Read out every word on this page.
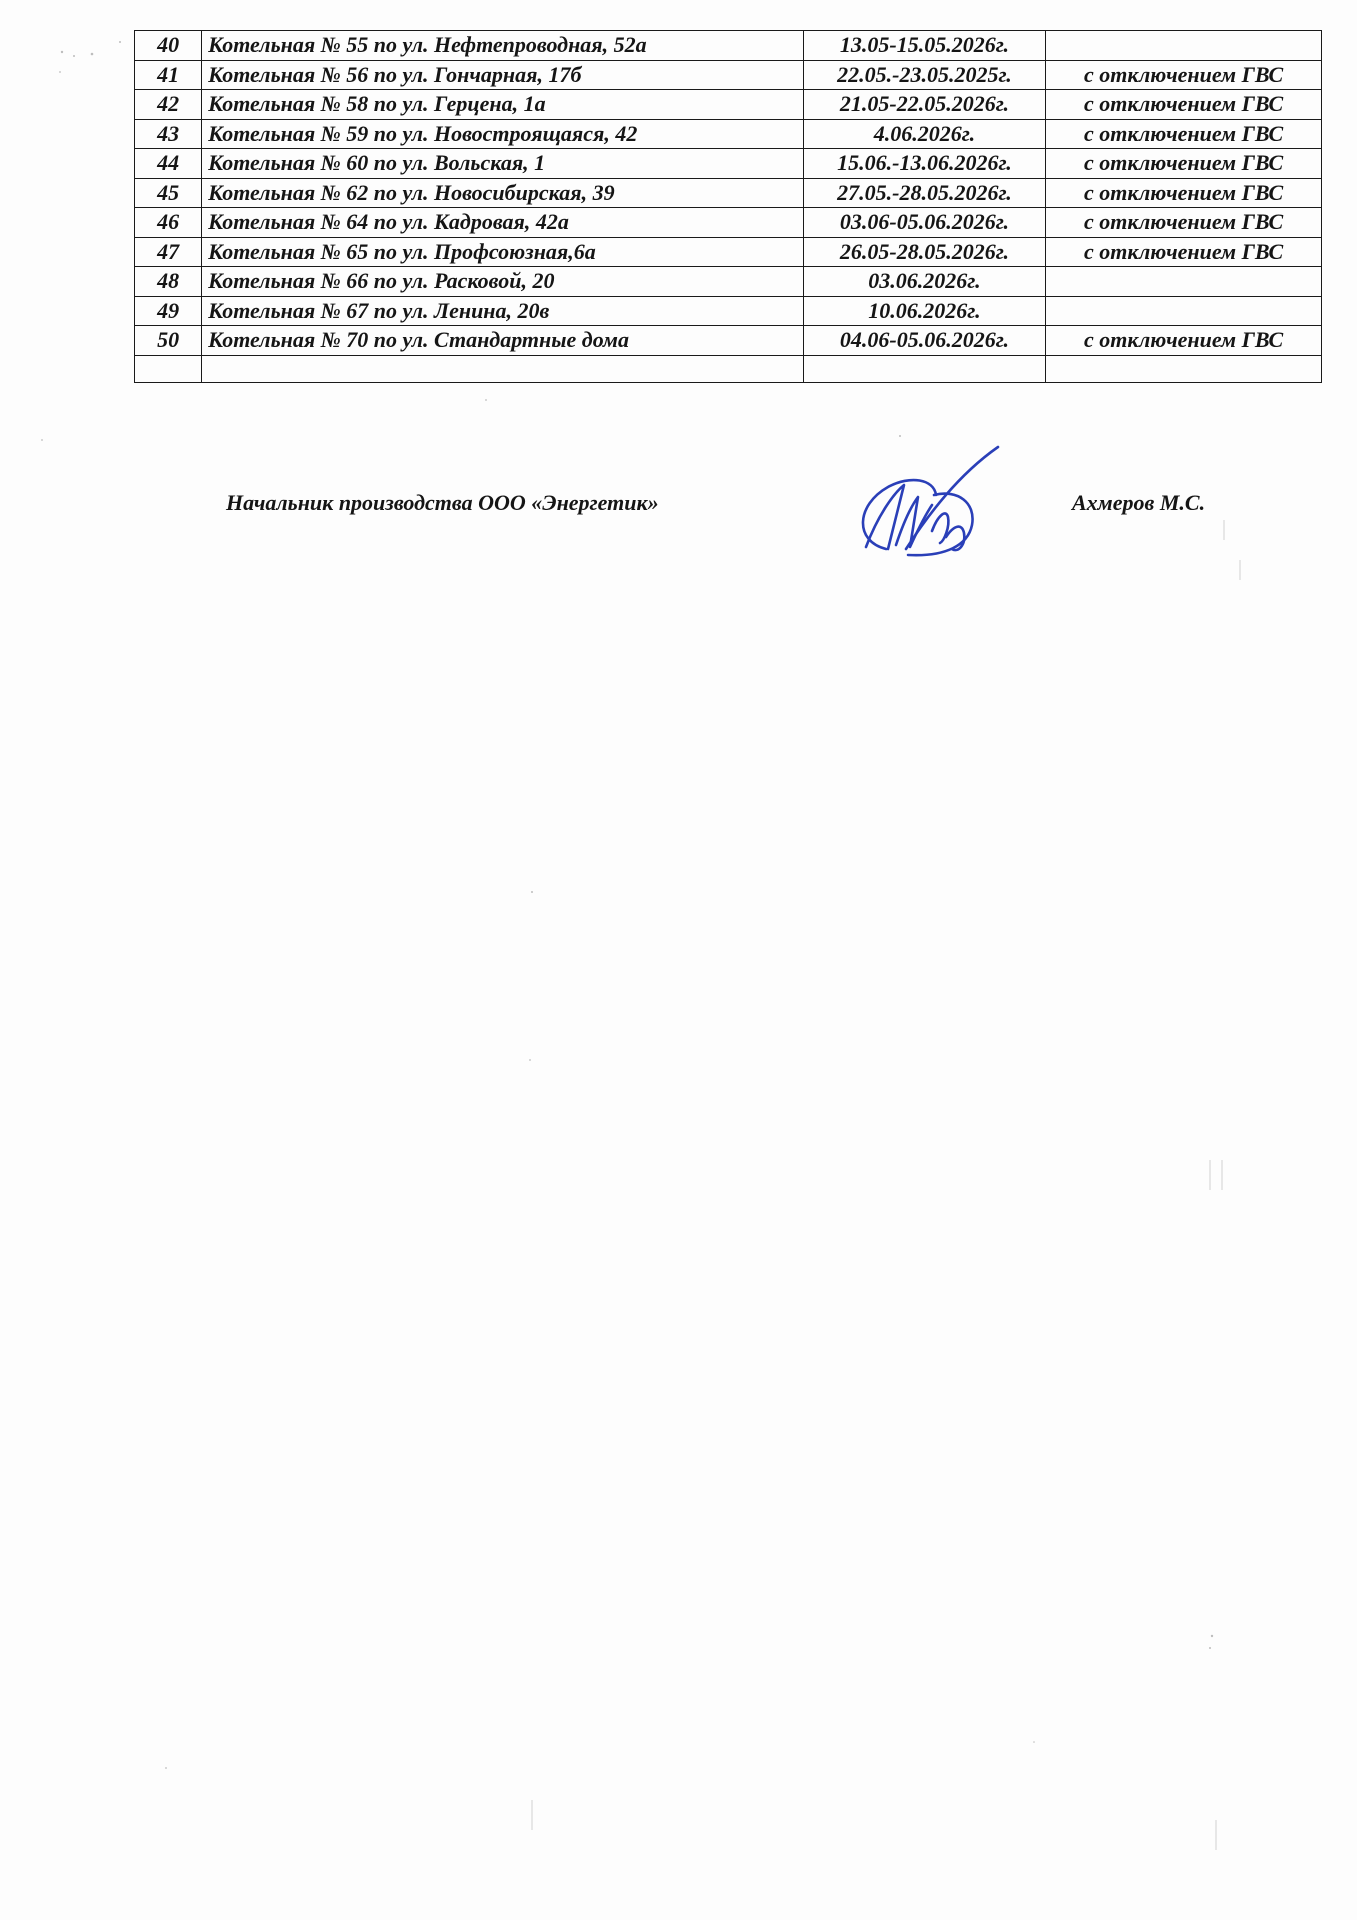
40	Котельная № 55 по ул. Нефтепроводная, 52а	13.05-15.05.2026г.	
41	Котельная № 56 по ул. Гончарная, 17б	22.05.-23.05.2025г.	с отключением ГВС
42	Котельная № 58 по ул. Герцена, 1а	21.05-22.05.2026г.	с отключением ГВС
43	Котельная № 59 по ул. Новостроящаяся, 42	4.06.2026г.	с отключением ГВС
44	Котельная № 60 по ул. Вольская, 1	15.06.-13.06.2026г.	с отключением ГВС
45	Котельная № 62 по ул. Новосибирская, 39	27.05.-28.05.2026г.	с отключением ГВС
46	Котельная № 64 по ул. Кадровая, 42а	03.06-05.06.2026г.	с отключением ГВС
47	Котельная № 65 по ул. Профсоюзная,6а	26.05-28.05.2026г.	с отключением ГВС
48	Котельная № 66 по ул. Расковой, 20	03.06.2026г.	
49	Котельная № 67 по ул. Ленина, 20в	10.06.2026г.	
50	Котельная № 70 по ул. Стандартные дома	04.06-05.06.2026г.	с отключением ГВС

Начальник производства ООО «Энергетик»	Ахмеров М.С.
